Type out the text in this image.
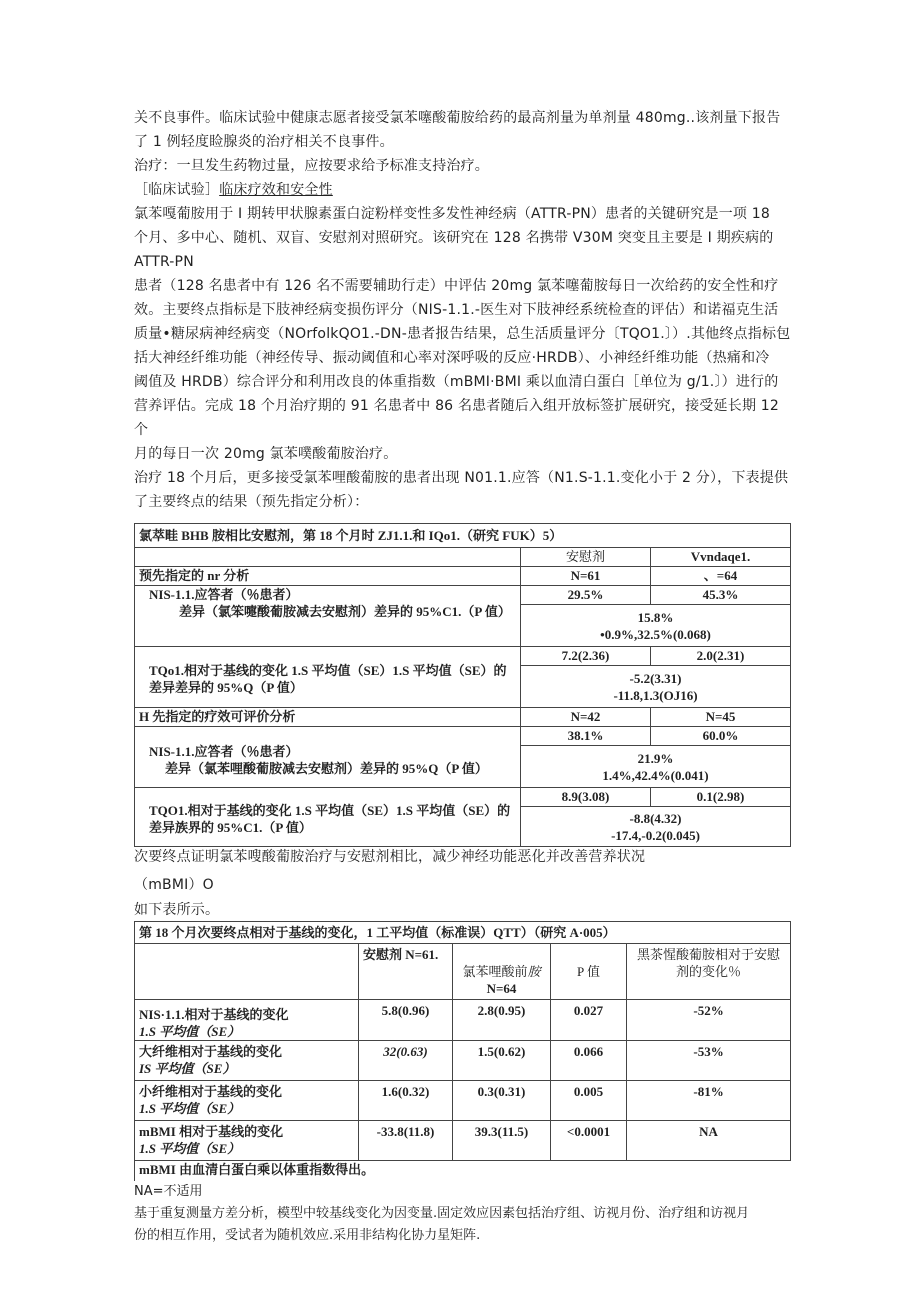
关不良事件。临床试验中健康志愿者接受氯苯噻酸葡胺给药的最高剂量为单剂量 480mg..该剂量下报告

了 1 例轻度睑腺炎的治疗相关不良事件。

治疗：一旦发生药物过量，应按要求给予标准支持治疗。

［临床试验］临床疗效和安全性

氯苯嘎葡胺用于 I 期转甲状腺素蛋白淀粉样变性多发性神经病（ATTR-PN）患者的关键研究是一项 18

个月、多中心、随机、双盲、安慰剂对照研究。该研究在 128 名携带 V30M 突变且主要是 I 期疾病的 ATTR-PN

患者（128 名患者中有 126 名不需要辅助行走）中评估 20mg 氯苯噻葡胺每日一次给药的安全性和疗

效。主要终点指标是下肢神经病变损伤评分（NIS-1.1.-医生对下肢神经系统检查的评估）和诺福克生活

质量•糖尿病神经病变（NOrfolkQO1.-DN-患者报告结果，总生活质量评分〔TQO1.〕）.其他终点指标包

括大神经纤维功能（神经传导、振动阈值和心率对深呼吸的反应·HRDB）、小神经纤维功能（热痛和冷

阈值及 HRDB）综合评分和利用改良的体重指数（mBMI·BMI 乘以血清白蛋白［单位为 g/1.〕）进行的

营养评估。完成 18 个月治疗期的 91 名患者中 86 名患者随后入组开放标签扩展研究，接受延长期 12 个

月的每日一次 20mg 氯苯噗酸葡胺治疗。

治疗 18 个月后，更多接受氯苯哩酸葡胺的患者出现 N01.1.应答（N1.S-1.1.变化小于 2 分），下表提供

了主要终点的结果（预先指定分析）：

氯萃畦 BHB 胺相比安慰剂，第 18 个月时 ZJ1.1.和 IQo1.（研究 FUK）5）		
	安慰剂	Vvndaqe1.
预先指定的 nr 分析	N=61	、=64

NIS-1.1.应答者（％患者）
差异（氯笨嚏酸葡胺减去安慰剂）差异的 95%C1.（P 值）	29.5%	45.3%

	15.8%
•0.9%,32.5%(0.068)	

TQo1.相对于基线的变化 1.S 平均值（SE）1.S 平均值（SE）的差异差异的 95%Q（P 值）	7.2(2.36)	2.0(2.31)

	-5.2(3.31)
-11.8,1.3(OJ16)	

H 先指定的疗效可评价分析	N=42	N=45

NIS-1.1.应答者（％患者）
差异（氯苯哩酸葡胺减去安慰剂）差异的 95%Q（P 值）	38.1%	60.0%

	21.9%
1.4%,42.4%(0.041)	

TQO1.相对于基线的变化 1.S 平均值（SE）1.S 平均值（SE）的差异族界的 95%C1.（P 值）	8.9(3.08)	0.1(2.98)

	-8.8(4.32)
-17.4,-0.2(0.045)	

次要终点证明氯苯嗖酸葡胺治疗与安慰剂相比，减少神经功能恶化并改善营养状况

（mBMI）O

如下表所示。

第 18 个月次要终点相对于基线的变化，1 工平均值（标准误）QTT）（研究 A·005）				
	安慰剂 N=61.	氯苯哩酸前胺
N=64	P 值	黑茶惺酸葡胺相对于安慰剂的变化％

NIS·1.1.相对于基线的变化
1.S 平均值（SE）	5.8(0.96)	2.8(0.95)	0.027	-52%

大纤维相对于基线的变化
IS 平均值（SE）	32(0.63)	1.5(0.62)	0.066	-53%

小纤维相对于基线的变化
1.S 平均值（SE）	1.6(0.32)	0.3(0.31)	0.005	-81%

mBMI 相对于基线的变化
1.S 平均值（SE）	-33.8(11.8)	39.3(11.5)	<0.0001	NA
mBMI 由血清白蛋白乘以体重指数得出。				

NA=不适用

基于重复测量方差分析，模型中较基线变化为因变量.固定效应因素包括治疗组、访视月份、治疗组和访视月

份的相互作用，受试者为随机效应.采用非结构化协力星矩阵.
